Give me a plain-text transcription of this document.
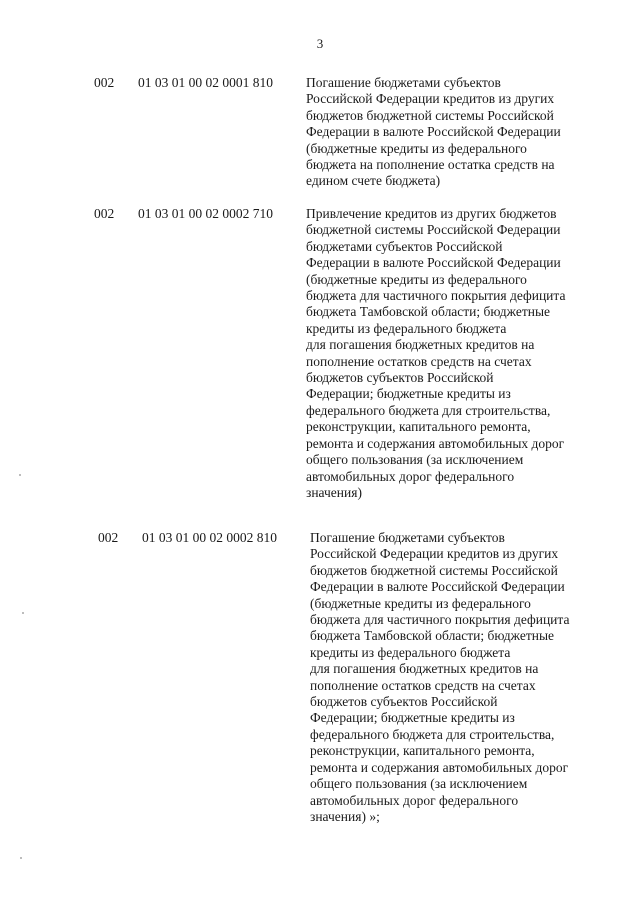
3
002 01 03 01 00 02 0001 810 Погашение бюджетами субъектов
Российской Федерации кредитов из других
бюджетов бюджетной системы Российской
Федерации в валюте Российской Федерации
(бюджетные кредиты из федерального
бюджета на пополнение остатка средств на
едином счете бюджета)
002 01 03 01 00 02 0002 710 Привлечение кредитов из других бюджетов
бюджетной системы Российской Федерации
бюджетами субъектов Российской
Федерации в валюте Российской Федерации
(бюджетные кредиты из федерального
бюджета для частичного покрытия дефицита
бюджета Тамбовской области; бюджетные
кредиты из федерального бюджета
для погашения бюджетных кредитов на
пополнение остатков средств на счетах
бюджетов субъектов Российской
Федерации; бюджетные кредиты из
федерального бюджета для строительства,
реконструкции, капитального ремонта,
ремонта и содержания автомобильных дорог
общего пользования (за исключением
автомобильных дорог федерального
значения)
002 01 03 01 00 02 0002 810 Погашение бюджетами субъектов
Российской Федерации кредитов из других
бюджетов бюджетной системы Российской
Федерации в валюте Российской Федерации
(бюджетные кредиты из федерального
бюджета для частичного покрытия дефицита
бюджета Тамбовской области; бюджетные
кредиты из федерального бюджета
для погашения бюджетных кредитов на
пополнение остатков средств на счетах
бюджетов субъектов Российской
Федерации; бюджетные кредиты из
федерального бюджета для строительства,
реконструкции, капитального ремонта,
ремонта и содержания автомобильных дорог
общего пользования (за исключением
автомобильных дорог федерального
значения) »;
